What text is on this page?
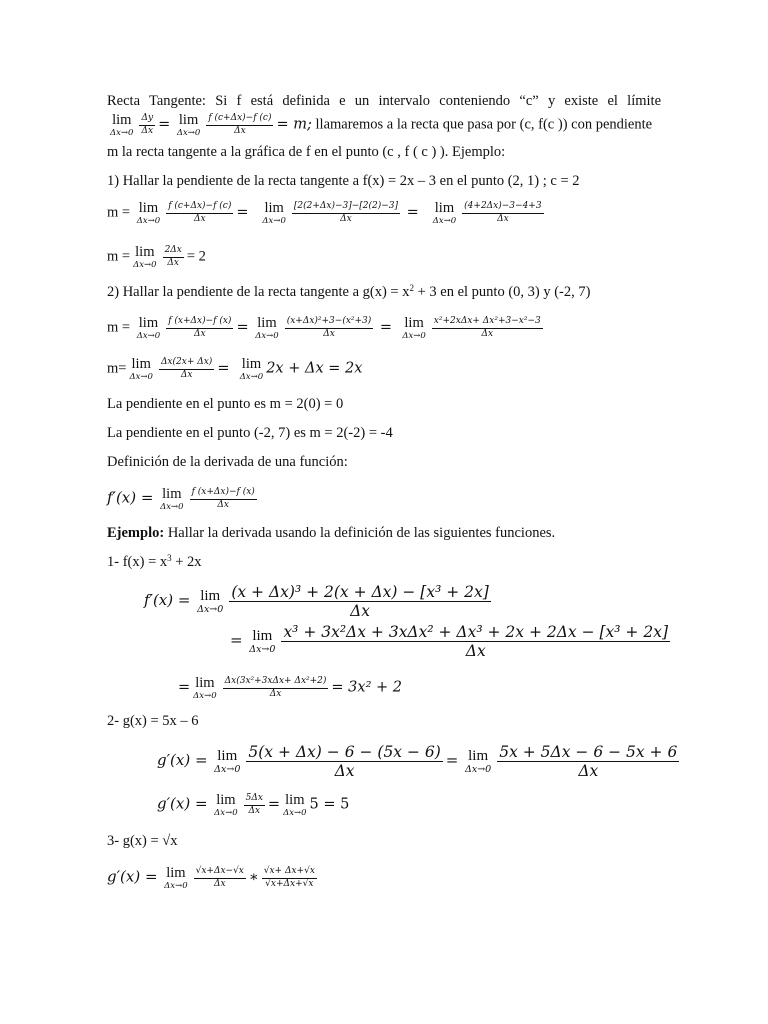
Recta Tangente: Si f está definida e un intervalo conteniendo “c” y existe el límite
lim
$\Delta x\to 0 \frac{\Delta y}{\Delta x} = \lim$
$\Delta x\to 0 \frac{f (c+\Delta x)-f (c)}{\Delta x} = m$; llamaremos a la recta que pasa por (c, f(c )) con pendiente
m la recta tangente a la gráfica de f en el punto (c , f ( c ) ). Ejemplo:
1) Hallar la pendiente de la recta tangente a f(x) = 2x – 3 en el punto (2, 1) ; c = 2
m = lim
$\Delta x\to 0 \frac{f (c+\Delta x)-f (c)}{\Delta x} = \lim$
$\Delta x\to 0 \frac{[2(2+\Delta x)-3]-[2(2)-3]}{\Delta x} = \lim$
$\Delta x\to 0 \frac{(4+2\Delta x)-3-4+3}{\Delta x}$
m = lim
$\Delta x\to 0 \frac{2\Delta x}{\Delta x} = 2$
2) Hallar la pendiente de la recta tangente a $g(x) = x^2 + 3$ en el punto (0, 3) y (-2, 7)
m = lim
$\Delta x\to 0 \frac{f (x+\Delta x)-f (x)}{\Delta x} = \lim$
$\Delta x\to 0 \frac{\text{(x+Δx)²+3−(x²+3)}}{\Delta x} = \lim$
$\Delta x\to 0 \frac{\text{x²+2xΔx+ Δx²+3−x²−3}}{\Delta x}$
m= lim
$\Delta x\to 0 \frac{\Delta x(2x+ \Delta x)}{\Delta x} = \lim$
Δx→0
2x + Δx = 2x
La pendiente en el punto es m = 2(0) = 0
La pendiente en el punto (-2, 7) es m = 2(-2) = -4
Definición de la derivada de una función:
f′(x) = lim
$\Delta x\to 0 \frac{f (x+\Delta x)-f (x)}{\Delta x}$
Ejemplo: Hallar la derivada usando la definición de las siguientes funciones.
1- $f(x) = x^3 + 2x$
f′(x) = lim
$\Delta x\to 0 \frac{\text{(x + Δx)³ + 2(x + Δx) − [x³ + 2x]}}{\Delta x}$
= lim
$\Delta x\to 0 \frac{\text{x³ + 3x²Δx + 3xΔx² + Δx³ + 2x + 2Δx − [x³ + 2x]}}{\Delta x}$
= lim
$\Delta x\to 0 \frac{\text{Δx(3x²+3xΔx+ Δx²+2)}}{\Delta x} = 3x^2 + 2$
2- g(x) = 5x – 6
g′(x) = lim
$\Delta x\to 0 \frac{5(x + \Delta x) - 6 - (5x - 6)}{\Delta x} = \lim$
$\Delta x\to 0 \frac{5x + 5\Delta x - 6 - 5x + 6}{\Delta x}$
g′(x) = lim
$\Delta x\to 0 \frac{5\Delta x}{\Delta x} = \lim$
Δx→0
5 = 5
3- g(x) = √x
g′(x) = lim
$\Delta x\to 0 \frac{√x+\Delta x-√x}{\Delta x}$ ∗ $\frac{√x+ \Delta x+√x}{√x+\Delta x+√x}$
